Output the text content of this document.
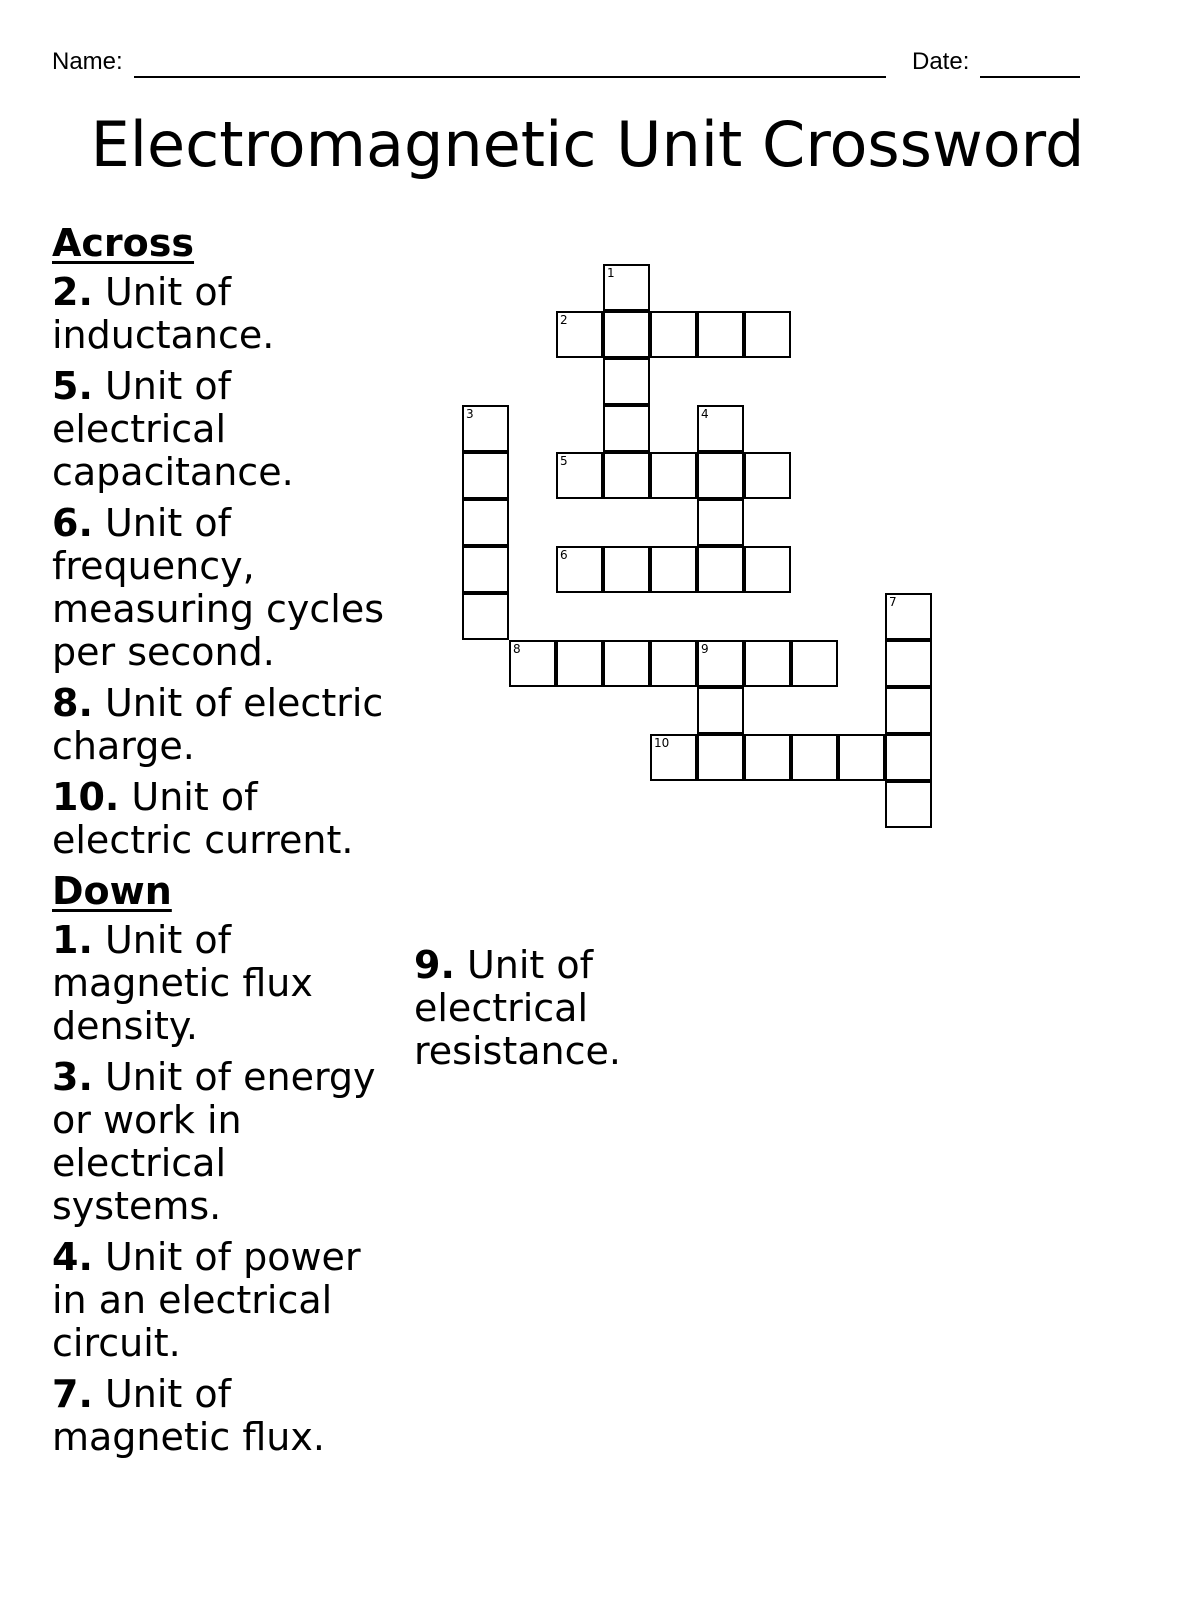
Name:	Date:
Electromagnetic Unit Crossword
Across
2. Unit of inductance.
5. Unit of electrical capacitance.
6. Unit of frequency, measuring cycles per second.
8. Unit of electric charge.
10. Unit of electric current.
Down
1. Unit of magnetic flux density.
3. Unit of energy or work in electrical systems.
4. Unit of power in an electrical circuit.
7. Unit of magnetic flux.
9. Unit of electrical resistance.
1
2
3	4
5
6
7
8	9
10
